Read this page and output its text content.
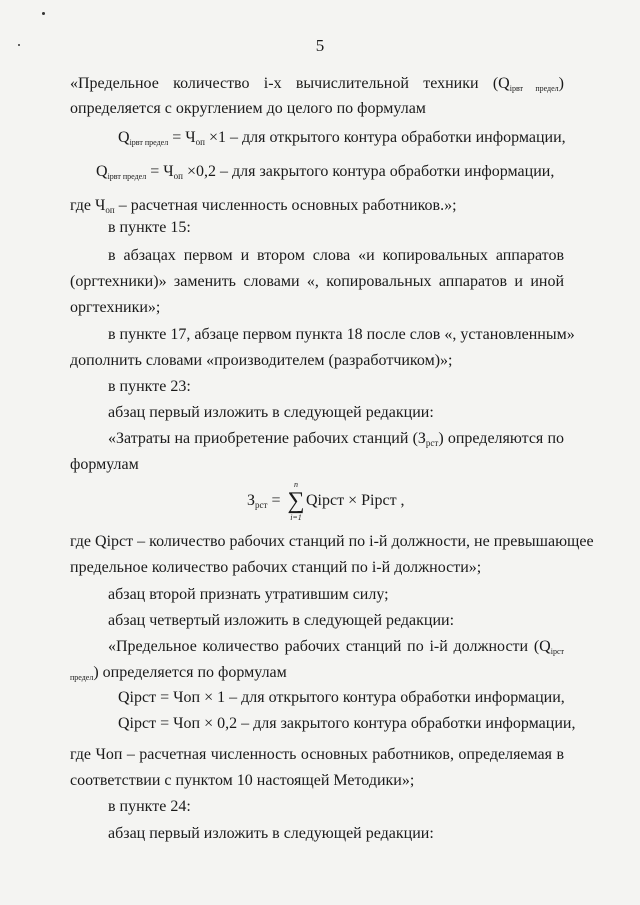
5
«Предельное количество i-х вычислительной техники (Qiрвт предел)
определяется с округлением до целого по формулам
Qiрвт предел = $Ч_{оп} \times 1$ – для открытого контура обработки информации,
Qiрвт предел = $Ч_{оп} \times 0,2$ – для закрытого контура обработки информации,
где $Ч_{оп}$ – расчетная численность основных работников.»;
в пункте 15:
в абзацах первом и втором слова «и копировальных аппаратов
(оргтехники)» заменить словами «, копировальных аппаратов и иной
оргтехники»;
в пункте 17, абзаце первом пункта 18 после слов «, установленным»
дополнить словами «производителем (разработчиком)»;
в пункте 23:
абзац первый изложить в следующей редакции:
«Затраты на приобретение рабочих станций $(З_{рст})$ определяются по
формулам
$З_{рст}$ =
n
∑
i=1
Qiрст × Piрст ,
где Qiрст – количество рабочих станций по i-й должности, не превышающее
предельное количество рабочих станций по i-й должности»;
абзац второй признать утратившим силу;
абзац четвертый изложить в следующей редакции:
«Предельное количество рабочих станций по i-й должности (Qiрст
предел) определяется по формулам
Qiрст = Чоп × 1 – для открытого контура обработки информации,
Qiрст = Чоп × 0,2 – для закрытого контура обработки информации,
где Чоп – расчетная численность основных работников, определяемая в
соответствии с пунктом 10 настоящей Методики»;
в пункте 24:
абзац первый изложить в следующей редакции:
